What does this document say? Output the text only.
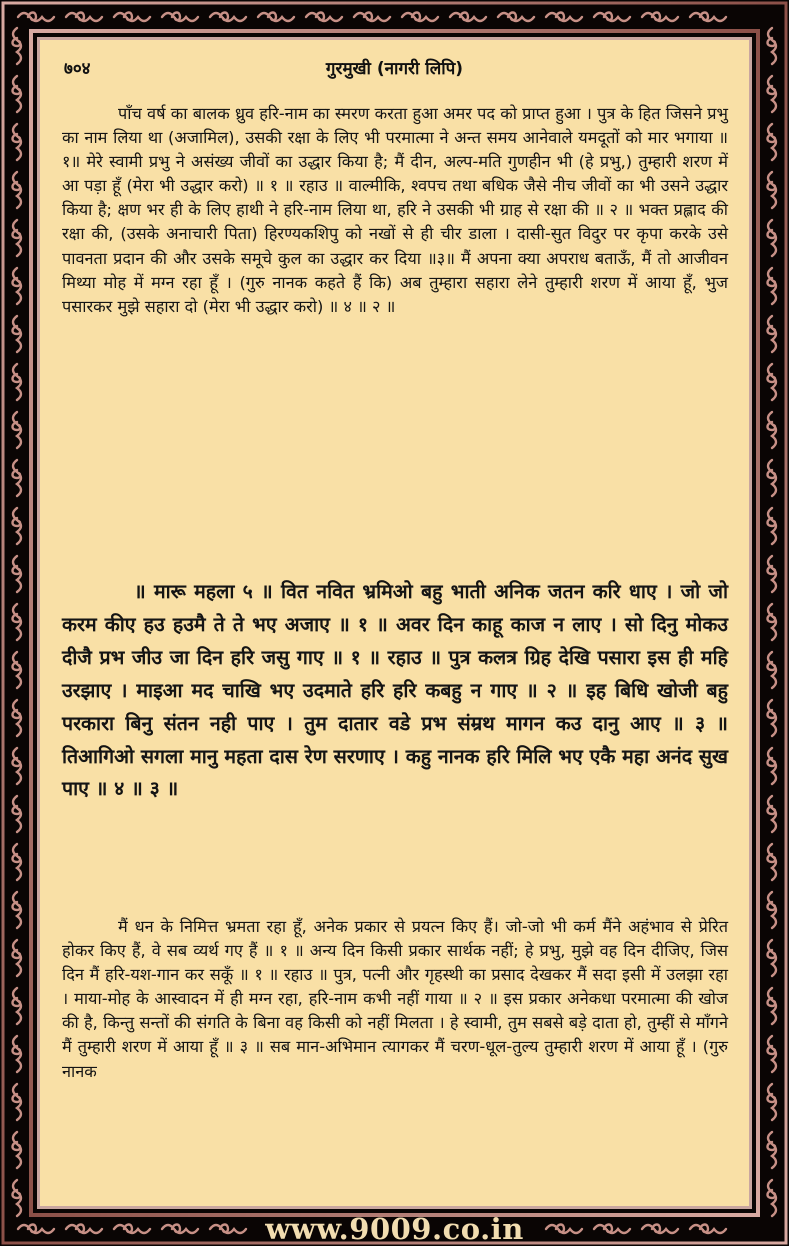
७०४	गुरमुखी (नागरी लिपि)
पाँच वर्ष का बालक ध्रुव हरि-नाम का स्मरण करता हुआ अमर पद को प्राप्त हुआ । पुत्र के हित जिसने प्रभु का नाम लिया था (अजामिल), उसकी रक्षा के लिए भी परमात्मा ने अन्त समय आनेवाले यमदूतों को मार भगाया ॥१॥ मेरे स्वामी प्रभु ने असंख्य जीवों का उद्धार किया है; मैं दीन, अल्प-मति गुणहीन भी (हे प्रभु,) तुम्हारी शरण में आ पड़ा हूँ (मेरा भी उद्धार करो) ॥ १ ॥ रहाउ ॥ वाल्मीकि, श्वपच तथा बधिक जैसे नीच जीवों का भी उसने उद्धार किया है; क्षण भर ही के लिए हाथी ने हरि-नाम लिया था, हरि ने उसकी भी ग्राह से रक्षा की ॥ २ ॥ भक्त प्रह्लाद की रक्षा की, (उसके अनाचारी पिता) हिरण्यकशिपु को नखों से ही चीर डाला । दासी-सुत विदुर पर कृपा करके उसे पावनता प्रदान की और उसके समूचे कुल का उद्धार कर दिया ॥३॥ मैं अपना क्या अपराध बताऊँ, मैं तो आजीवन मिथ्या मोह में मग्न रहा हूँ । (गुरु नानक कहते हैं कि) अब तुम्हारा सहारा लेने तुम्हारी शरण में आया हूँ, भुज पसारकर मुझे सहारा दो (मेरा भी उद्धार करो) ॥ ४ ॥ २ ॥
॥ मारू महला ५ ॥ वित नवित भ्रमिओ बहु भाती अनिक जतन करि धाए । जो जो करम कीए हउ हउमै ते ते भए अजाए ॥ १ ॥ अवर दिन काहू काज न लाए । सो दिनु मोकउ दीजै प्रभ जीउ जा दिन हरि जसु गाए ॥ १ ॥ रहाउ ॥ पुत्र कलत्र ग्रिह देखि पसारा इस ही महि उरझाए । माइआ मद चाखि भए उदमाते हरि हरि कबहु न गाए ॥ २ ॥ इह बिधि खोजी बहु परकारा बिनु संतन नही पाए । तुम दातार वडे प्रभ संम्रथ मागन कउ दानु आए ॥ ३ ॥ तिआगिओ सगला मानु महता दास रेण सरणाए । कहु नानक हरि मिलि भए एकै महा अनंद सुख पाए ॥ ४ ॥ ३ ॥
मैं धन के निमित्त भ्रमता रहा हूँ, अनेक प्रकार से प्रयत्न किए हैं। जो-जो भी कर्म मैंने अहंभाव से प्रेरित होकर किए हैं, वे सब व्यर्थ गए हैं ॥ १ ॥ अन्य दिन किसी प्रकार सार्थक नहीं; हे प्रभु, मुझे वह दिन दीजिए, जिस दिन मैं हरि-यश-गान कर सकूँ ॥ १ ॥ रहाउ ॥ पुत्र, पत्नी और गृहस्थी का प्रसाद देखकर मैं सदा इसी में उलझा रहा । माया-मोह के आस्वादन में ही मग्न रहा, हरि-नाम कभी नहीं गाया ॥ २ ॥ इस प्रकार अनेकधा परमात्मा की खोज की है, किन्तु सन्तों की संगति के बिना वह किसी को नहीं मिलता । हे स्वामी, तुम सबसे बड़े दाता हो, तुम्हीं से माँगने मैं तुम्हारी शरण में आया हूँ ॥ ३ ॥ सब मान-अभिमान त्यागकर मैं चरण-धूल-तुल्य तुम्हारी शरण में आया हूँ । (गुरु नानक
www.9009.co.in
